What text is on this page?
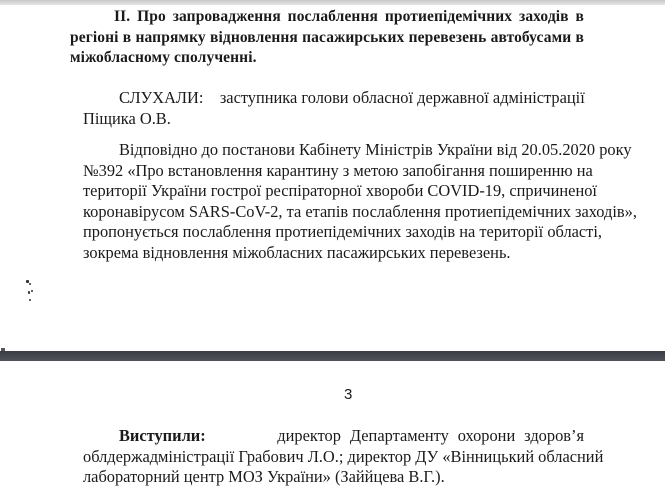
II. Про запровадження послаблення протиепідемічних заходів в
регіоні в напрямку відновлення пасажирських перевезень автобусами в
міжобласному сполученні.
СЛУХАЛИ: заступника голови обласної державної адміністрації
Піщика О.В.
Відповідно до постанови Кабінету Міністрів України від 20.05.2020 року
№392 «Про встановлення карантину з метою запобігання поширенню на
території України гострої респіраторної хвороби COVID-19, спричиненої
коронавірусом SARS-CoV-2, та етапів послаблення протиепідемічних заходів»,
пропонується послаблення протиепідемічних заходів на території області,
зокрема відновлення міжобласних пасажирських перевезень.
3
Виступили:	директор Департаменту охорони здоров’я
облдержадміністрації Грабович Л.О.; директор ДУ «Вінницький обласний
лабораторний центр МОЗ України» (Заййцева В.Г.).
